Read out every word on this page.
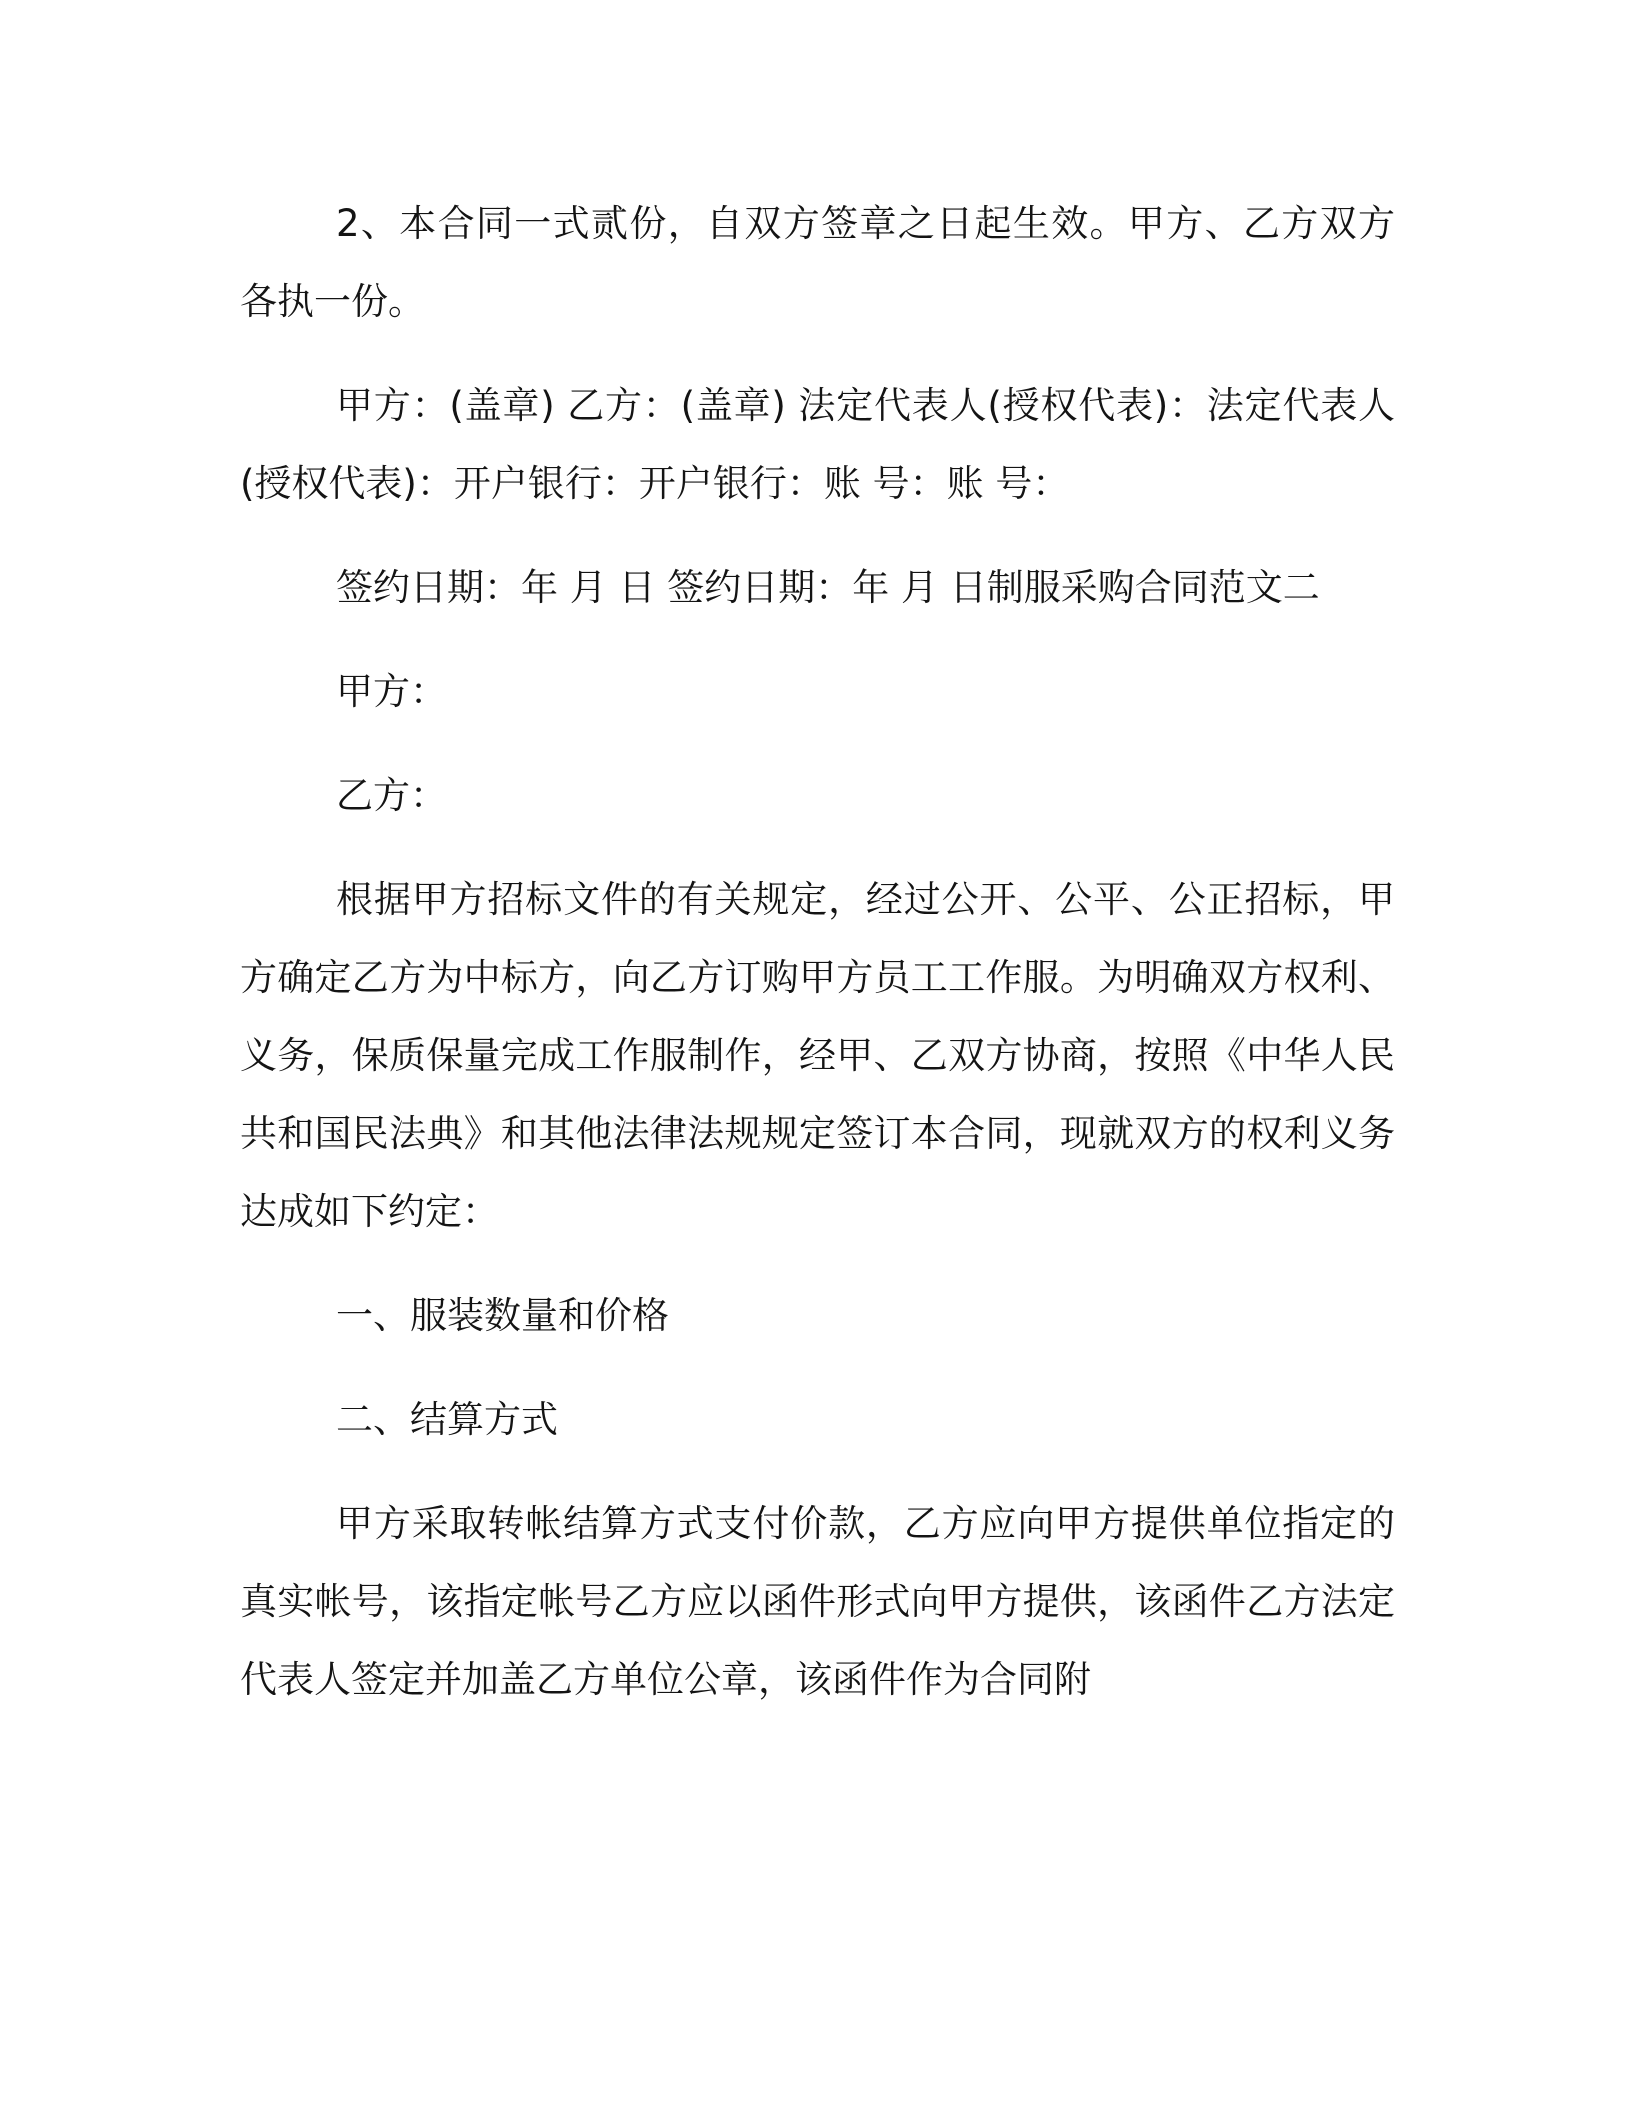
2、本合同一式贰份，自双方签章之日起生效。甲方、乙方双方各执一份。

甲方：(盖章) 乙方：(盖章) 法定代表人(授权代表)：法定代表人(授权代表)：开户银行：开户银行：账 号：账 号：

签约日期：年 月 日 签约日期：年 月 日制服采购合同范文二

甲方：

乙方：

根据甲方招标文件的有关规定，经过公开、公平、公正招标，甲方确定乙方为中标方，向乙方订购甲方员工工作服。为明确双方权利、义务，保质保量完成工作服制作，经甲、乙双方协商，按照《中华人民共和国民法典》和其他法律法规规定签订本合同，现就双方的权利义务达成如下约定：

一、服装数量和价格

二、结算方式

甲方采取转帐结算方式支付价款，乙方应向甲方提供单位指定的真实帐号，该指定帐号乙方应以函件形式向甲方提供，该函件乙方法定代表人签定并加盖乙方单位公章，该函件作为合同附
